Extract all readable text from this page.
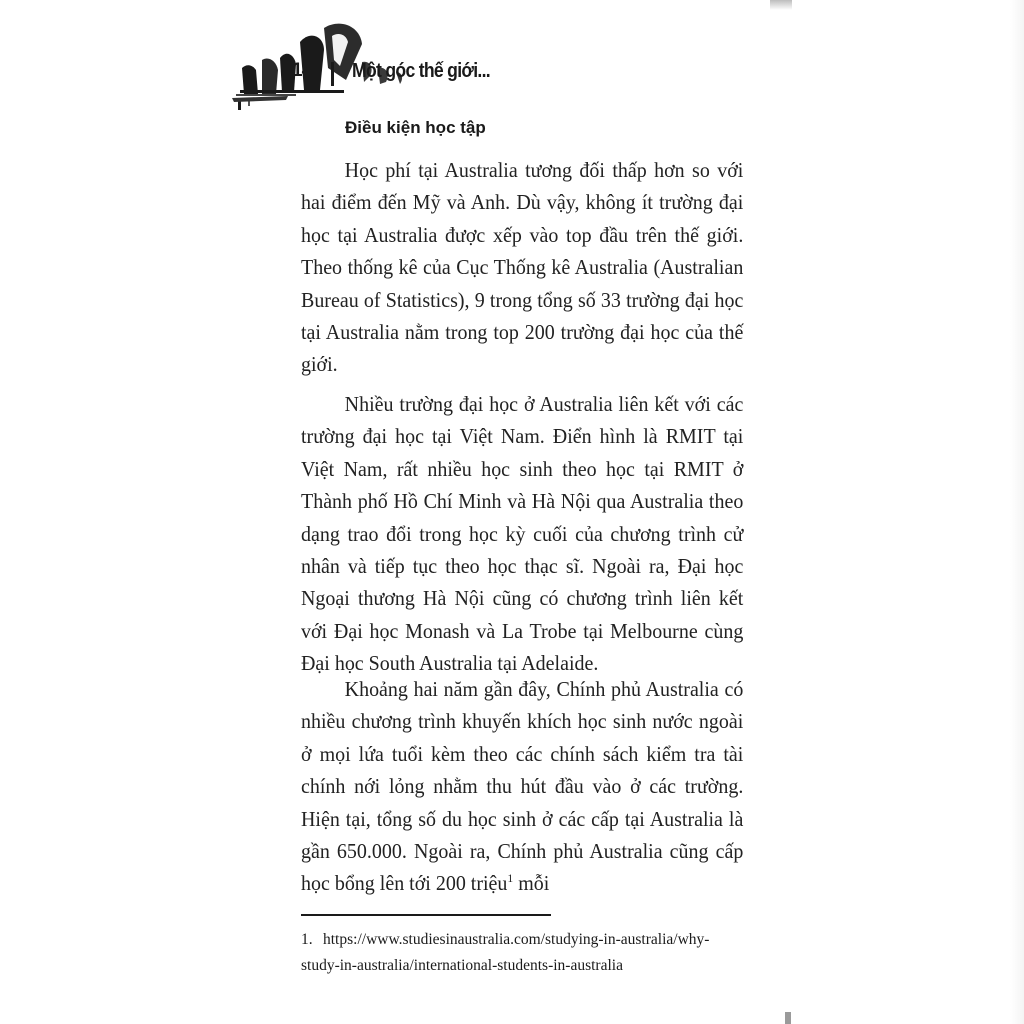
14	Một góc thế giới...
Điều kiện học tập

Học phí tại Australia tương đối thấp hơn so với hai điểm đến Mỹ và Anh. Dù vậy, không ít trường đại học tại Australia được xếp vào top đầu trên thế giới. Theo thống kê của Cục Thống kê Australia (Australian Bureau of Statistics), 9 trong tổng số 33 trường đại học tại Australia nằm trong top 200 trường đại học của thế giới.

Nhiều trường đại học ở Australia liên kết với các trường đại học tại Việt Nam. Điển hình là RMIT tại Việt Nam, rất nhiều học sinh theo học tại RMIT ở Thành phố Hồ Chí Minh và Hà Nội qua Australia theo dạng trao đổi trong học kỳ cuối của chương trình cử nhân và tiếp tục theo học thạc sĩ. Ngoài ra, Đại học Ngoại thương Hà Nội cũng có chương trình liên kết với Đại học Monash và La Trobe tại Melbourne cùng Đại học South Australia tại Adelaide.

Khoảng hai năm gần đây, Chính phủ Australia có nhiều chương trình khuyến khích học sinh nước ngoài ở mọi lứa tuổi kèm theo các chính sách kiểm tra tài chính nới lỏng nhằm thu hút đầu vào ở các trường. Hiện tại, tổng số du học sinh ở các cấp tại Australia là gần 650.000. Ngoài ra, Chính phủ Australia cũng cấp học bổng lên tới 200 triệu$^1$ mỗi

1. https://www.studiesinaustralia.com/studying-in-australia/why-
study-in-australia/international-students-in-australia
